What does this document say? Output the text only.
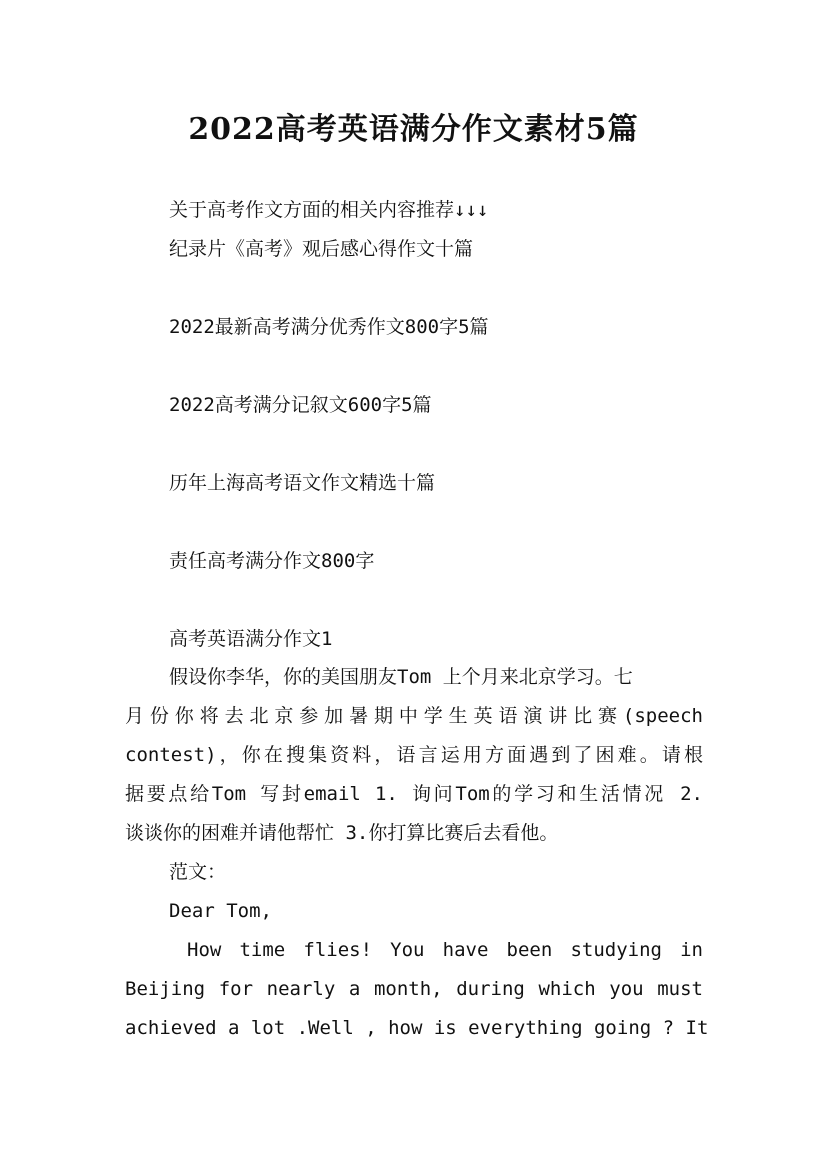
2022高考英语满分作文素材5篇
关于高考作文方面的相关内容推荐↓↓↓
纪录片《高考》观后感心得作文十篇
2022最新高考满分优秀作文800字5篇
2022高考满分记叙文600字5篇
历年上海高考语文作文精选十篇
责任高考满分作文800字
高考英语满分作文1
假设你李华，你的美国朋友Tom 上个月来北京学习。七
月份你将去北京参加暑期中学生英语演讲比赛(speech
contest)，你在搜集资料，语言运用方面遇到了困难。请根
据要点给Tom 写封email 1. 询问Tom的学习和生活情况 2.
谈谈你的困难并请他帮忙 3.你打算比赛后去看他。
范文：
Dear Tom,
How time flies! You have been studying in
Beijing for nearly a month, during which you must
achieved a lot .Well , how is everything going ? It
